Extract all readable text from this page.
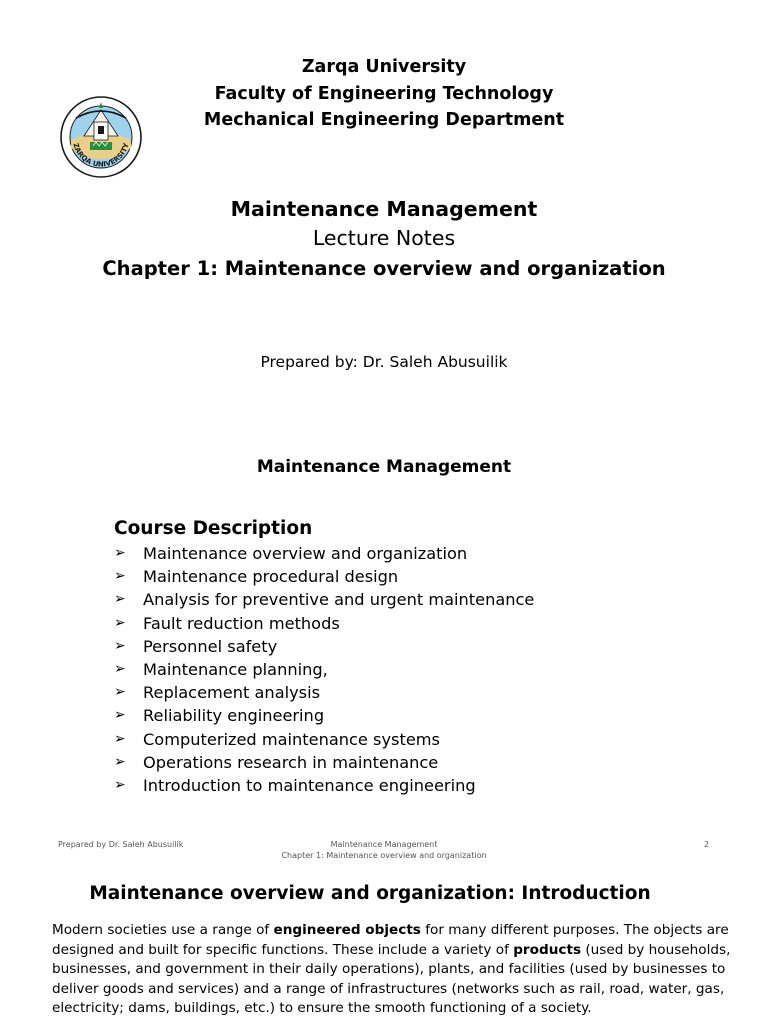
ZARQA UNIVERSITY
Zarqa University
Faculty of Engineering Technology
Mechanical Engineering Department
Maintenance Management
Lecture Notes
Chapter 1: Maintenance overview and organization
Prepared by: Dr. Saleh Abusuilik
Maintenance Management
Course Description
➢	Maintenance overview and organization
➢	Maintenance procedural design
➢	Analysis for preventive and urgent maintenance
➢	Fault reduction methods
➢	Personnel safety
➢	Maintenance planning,
➢	Replacement analysis
➢	Reliability engineering
➢	Computerized maintenance systems
➢	Operations research in maintenance
➢	Introduction to maintenance engineering
Prepared by Dr. Saleh Abusuilik	Maintenance Management
Chapter 1: Maintenance overview and organization
2
Maintenance overview and organization: Introduction
Modern societies use a range of engineered objects for many different purposes. The objects are designed and built for specific functions. These include a variety of products (used by households, businesses, and government in their daily operations), plants, and facilities (used by businesses to deliver goods and services) and a range of infrastructures (networks such as rail, road, water, gas, electricity; dams, buildings, etc.) to ensure the smooth functioning of a society.
